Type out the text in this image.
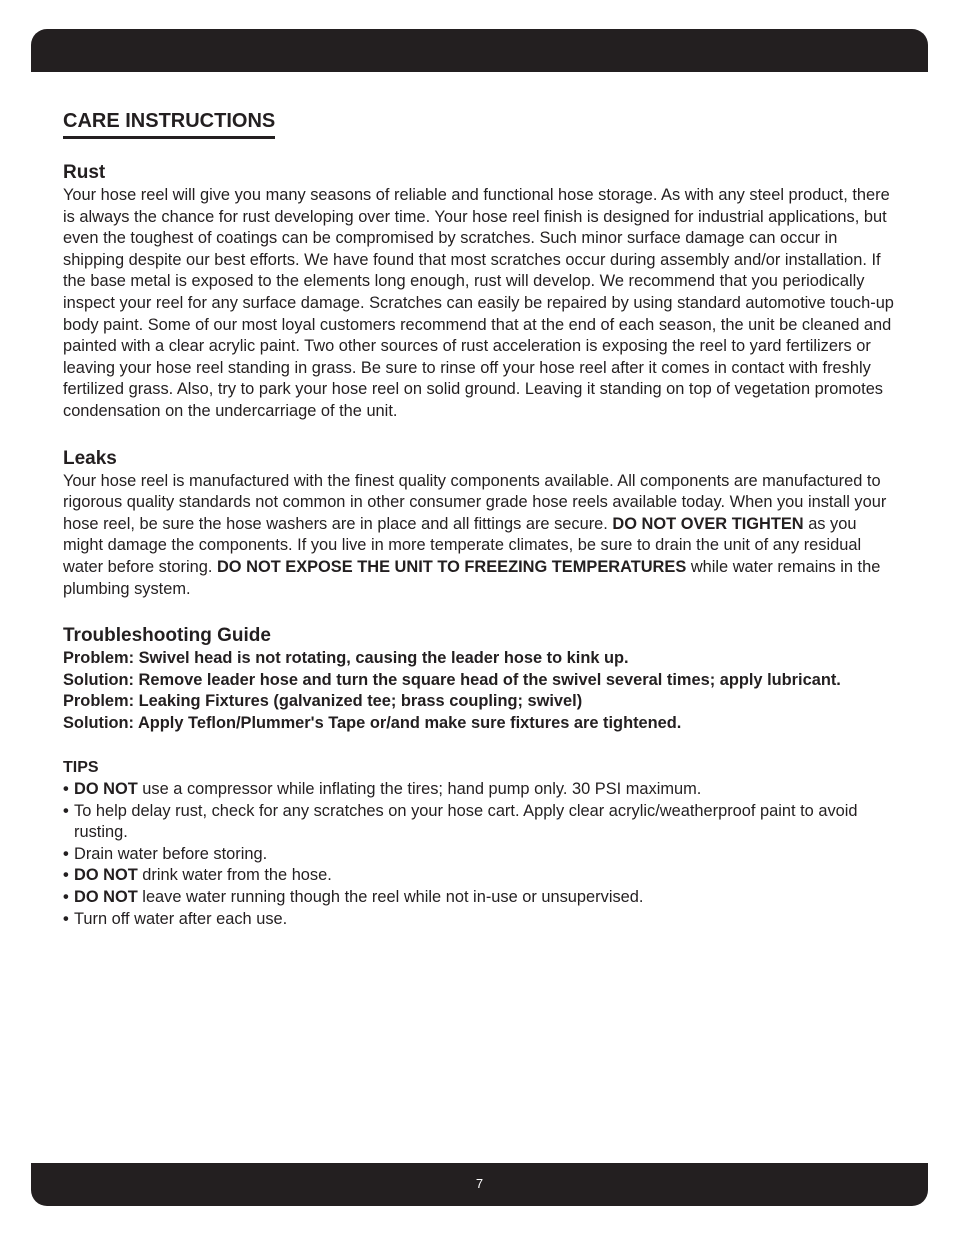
CARE INSTRUCTIONS
Rust

Your hose reel will give you many seasons of reliable and functional hose storage. As with any steel product, there is always the chance for rust developing over time. Your hose reel finish is designed for industrial applications, but even the toughest of coatings can be compromised by scratches. Such minor surface damage can occur in shipping despite our best efforts. We have found that most scratches occur during assembly and/or installation. If the base metal is exposed to the elements long enough, rust will develop. We recommend that you periodically inspect your reel for any surface damage. Scratches can easily be repaired by using standard automotive touch-up body paint. Some of our most loyal customers recommend that at the end of each season, the unit be cleaned and painted with a clear acrylic paint. Two other sources of rust acceleration is exposing the reel to yard fertilizers or leaving your hose reel standing in grass. Be sure to rinse off your hose reel after it comes in contact with freshly fertilized grass. Also, try to park your hose reel on solid ground. Leaving it standing on top of vegetation promotes condensation on the undercarriage of the unit.

Leaks

Your hose reel is manufactured with the finest quality components available. All components are manufactured to rigorous quality standards not common in other consumer grade hose reels available today. When you install your hose reel, be sure the hose washers are in place and all fittings are secure. DO NOT OVER TIGHTEN as you might damage the components. If you live in more temperate climates, be sure to drain the unit of any residual water before storing. DO NOT EXPOSE THE UNIT TO FREEZING TEMPERATURES while water remains in the plumbing system.

Troubleshooting Guide

Problem: Swivel head is not rotating, causing the leader hose to kink up.

Solution: Remove leader hose and turn the square head of the swivel several times; apply lubricant.

Problem: Leaking Fixtures (galvanized tee; brass coupling; swivel)

Solution: Apply Teflon/Plummer's Tape or/and make sure fixtures are tightened.

TIPS

• DO NOT use a compressor while inflating the tires; hand pump only. 30 PSI maximum.
• To help delay rust, check for any scratches on your hose cart. Apply clear acrylic/weatherproof paint to avoid rusting.
• Drain water before storing.
• DO NOT drink water from the hose.
• DO NOT leave water running though the reel while not in-use or unsupervised.
• Turn off water after each use.
7
